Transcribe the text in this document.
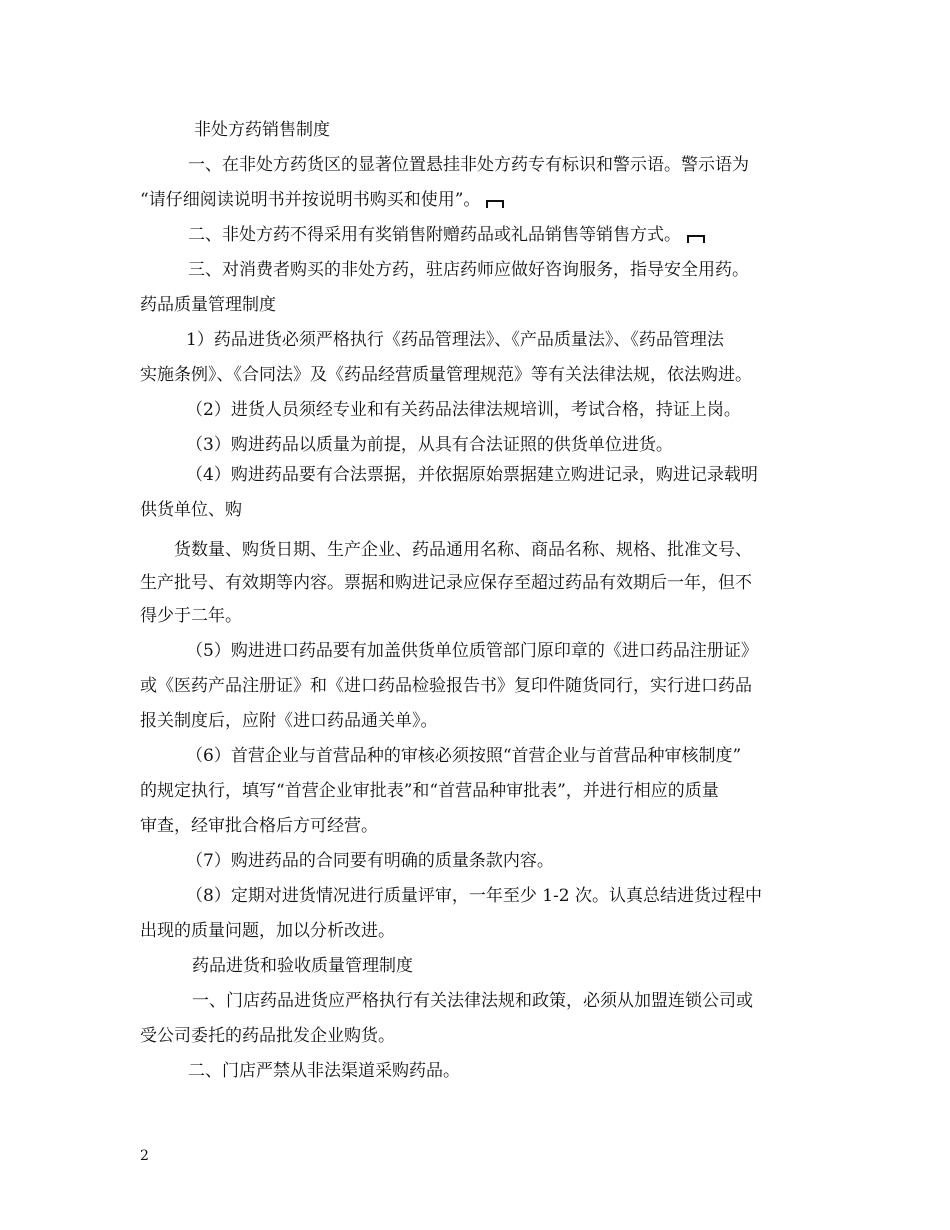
非处方药销售制度
一、在非处方药货区的显著位置悬挂非处方药专有标识和警示语。警示语为
“请仔细阅读说明书并按说明书购买和使用”。
二、非处方药不得采用有奖销售附赠药品或礼品销售等销售方式。
三、对消费者购买的非处方药，驻店药师应做好咨询服务，指导安全用药。
药品质量管理制度
1）药品进货必须严格执行《药品管理法》、《产品质量法》、《药品管理法
实施条例》、《合同法》及《药品经营质量管理规范》等有关法律法规，依法购进。
（2）进货人员须经专业和有关药品法律法规培训，考试合格，持证上岗。
（3）购进药品以质量为前提，从具有合法证照的供货单位进货。
（4）购进药品要有合法票据，并依据原始票据建立购进记录，购进记录载明
供货单位、购
货数量、购货日期、生产企业、药品通用名称、商品名称、规格、批准文号、
生产批号、有效期等内容。票据和购进记录应保存至超过药品有效期后一年，但不
得少于二年。
（5）购进进口药品要有加盖供货单位质管部门原印章的《进口药品注册证》
或《医药产品注册证》和《进口药品检验报告书》复印件随货同行，实行进口药品
报关制度后，应附《进口药品通关单》。
（6）首营企业与首营品种的审核必须按照“首营企业与首营品种审核制度”
的规定执行，填写“首营企业审批表”和“首营品种审批表”，并进行相应的质量
审查，经审批合格后方可经营。
（7）购进药品的合同要有明确的质量条款内容。
（8）定期对进货情况进行质量评审，一年至少 1-2 次。认真总结进货过程中
出现的质量问题，加以分析改进。
药品进货和验收质量管理制度
一、门店药品进货应严格执行有关法律法规和政策，必须从加盟连锁公司或
受公司委托的药品批发企业购货。
二、门店严禁从非法渠道采购药品。
2
